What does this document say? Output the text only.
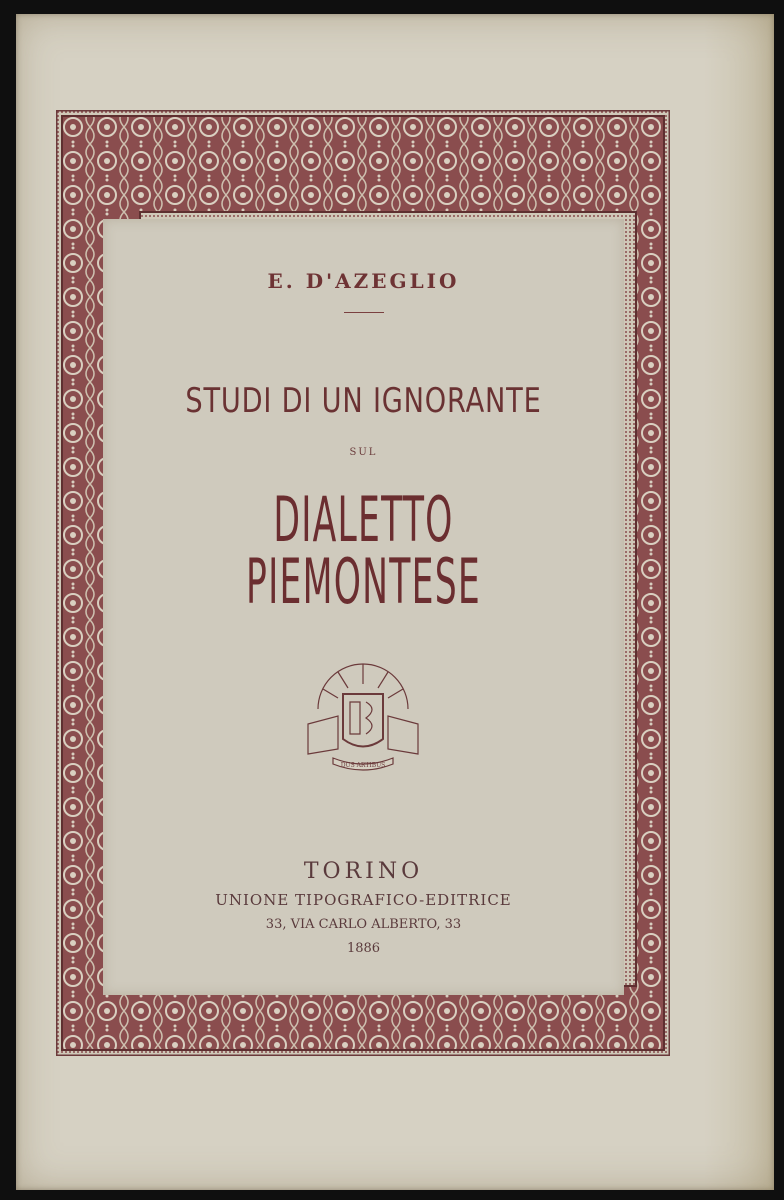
E. D'AZEGLIO
STUDI DI UN IGNORANTE
SUL
DIALETTO PIEMONTESE
DUS ARTIBUS
TORINO
UNIONE TIPOGRAFICO-EDITRICE
33, VIA CARLO ALBERTO, 33
1886
